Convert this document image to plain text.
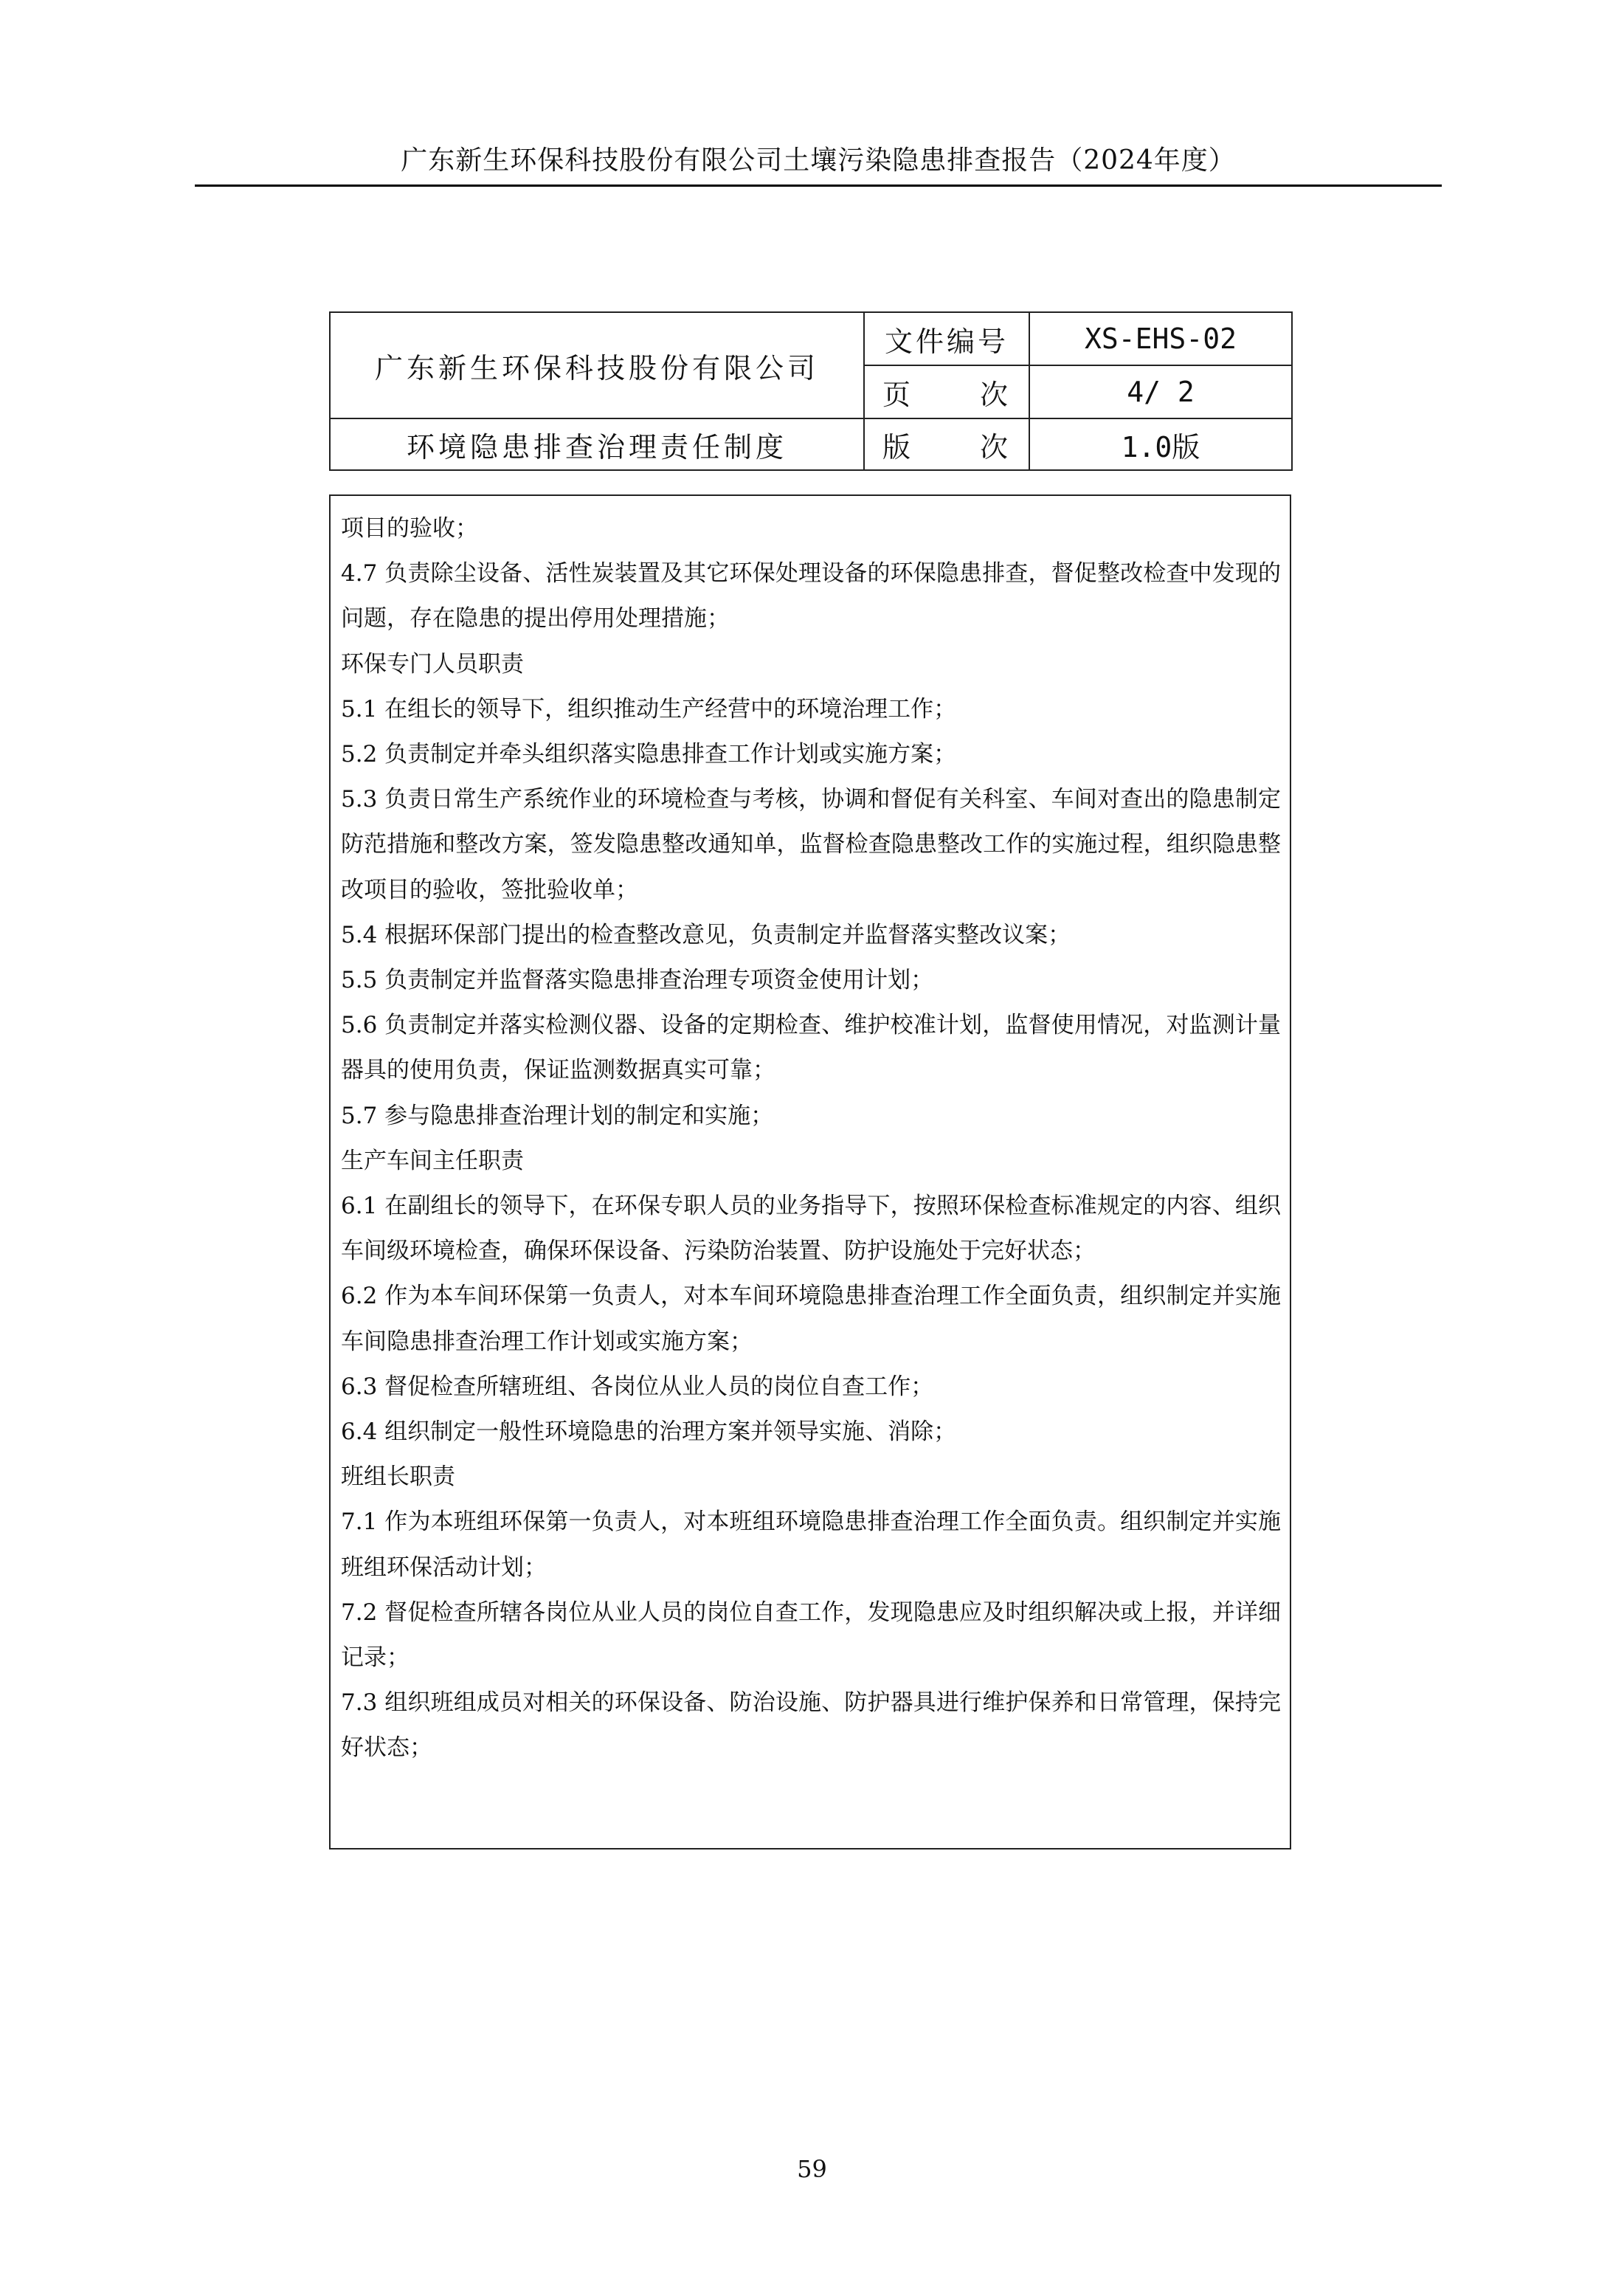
广东新生环保科技股份有限公司土壤污染隐患排查报告（2024年度）
广东新生环保科技股份有限公司	文件编号	XS-EHS-02

	页 次	4/ 2
环境隐患排查治理责任制度	版 次	1.0版

项目的验收；

4.7 负责除尘设备、活性炭装置及其它环保处理设备的环保隐患排查，督促整改检查中发现的问题，存在隐患的提出停用处理措施；

环保专门人员职责

5.1 在组长的领导下，组织推动生产经营中的环境治理工作；

5.2 负责制定并牵头组织落实隐患排查工作计划或实施方案；

5.3 负责日常生产系统作业的环境检查与考核，协调和督促有关科室、车间对查出的隐患制定防范措施和整改方案，签发隐患整改通知单，监督检查隐患整改工作的实施过程，组织隐患整改项目的验收，签批验收单；

5.4 根据环保部门提出的检查整改意见，负责制定并监督落实整改议案；

5.5 负责制定并监督落实隐患排查治理专项资金使用计划；

5.6 负责制定并落实检测仪器、设备的定期检查、维护校准计划，监督使用情况，对监测计量器具的使用负责，保证监测数据真实可靠；

5.7 参与隐患排查治理计划的制定和实施；

生产车间主任职责

6.1 在副组长的领导下，在环保专职人员的业务指导下，按照环保检查标准规定的内容、组织车间级环境检查，确保环保设备、污染防治装置、防护设施处于完好状态；

6.2 作为本车间环保第一负责人，对本车间环境隐患排查治理工作全面负责，组织制定并实施车间隐患排查治理工作计划或实施方案；

6.3 督促检查所辖班组、各岗位从业人员的岗位自查工作；

6.4 组织制定一般性环境隐患的治理方案并领导实施、消除；

班组长职责

7.1 作为本班组环保第一负责人，对本班组环境隐患排查治理工作全面负责。组织制定并实施班组环保活动计划；

7.2 督促检查所辖各岗位从业人员的岗位自查工作，发现隐患应及时组织解决或上报，并详细记录；

7.3 组织班组成员对相关的环保设备、防治设施、防护器具进行维护保养和日常管理，保持完好状态；

59
